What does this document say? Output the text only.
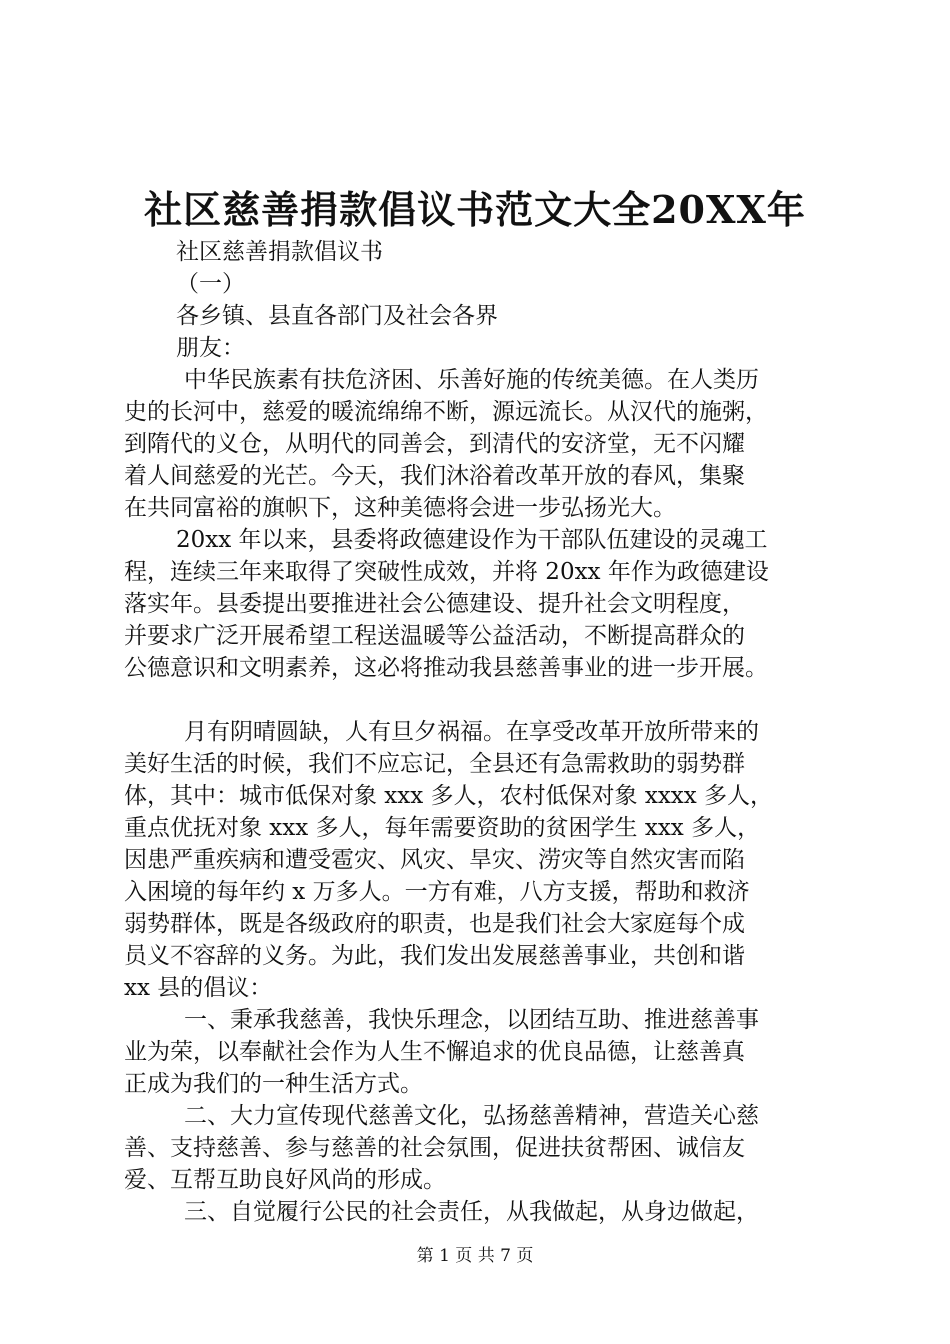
社区慈善捐款倡议书范文大全20XX年
社区慈善捐款倡议书
（一）
各乡镇、县直各部门及社会各界
朋友：
中华民族素有扶危济困、乐善好施的传统美德。在人类历
史的长河中，慈爱的暖流绵绵不断，源远流长。从汉代的施粥，
到隋代的义仓，从明代的同善会，到清代的安济堂，无不闪耀
着人间慈爱的光芒。今天，我们沐浴着改革开放的春风，集聚
在共同富裕的旗帜下，这种美德将会进一步弘扬光大。
20xx 年以来，县委将政德建设作为干部队伍建设的灵魂工
程，连续三年来取得了突破性成效，并将 20xx 年作为政德建设
落实年。县委提出要推进社会公德建设、提升社会文明程度，
并要求广泛开展希望工程送温暖等公益活动，不断提高群众的
公德意识和文明素养，这必将推动我县慈善事业的进一步开展。
月有阴晴圆缺，人有旦夕祸福。在享受改革开放所带来的
美好生活的时候，我们不应忘记，全县还有急需救助的弱势群
体，其中：城市低保对象 xxx 多人，农村低保对象 xxxx 多人，
重点优抚对象 xxx 多人，每年需要资助的贫困学生 xxx 多人，
因患严重疾病和遭受雹灾、风灾、旱灾、涝灾等自然灾害而陷
入困境的每年约 x 万多人。一方有难，八方支援，帮助和救济
弱势群体，既是各级政府的职责，也是我们社会大家庭每个成
员义不容辞的义务。为此，我们发出发展慈善事业，共创和谐
xx 县的倡议：
一、秉承我慈善，我快乐理念，以团结互助、推进慈善事
业为荣，以奉献社会作为人生不懈追求的优良品德，让慈善真
正成为我们的一种生活方式。
二、大力宣传现代慈善文化，弘扬慈善精神，营造关心慈
善、支持慈善、参与慈善的社会氛围，促进扶贫帮困、诚信友
爱、互帮互助良好风尚的形成。
三、自觉履行公民的社会责任，从我做起，从身边做起，
第 1 页 共 7 页
